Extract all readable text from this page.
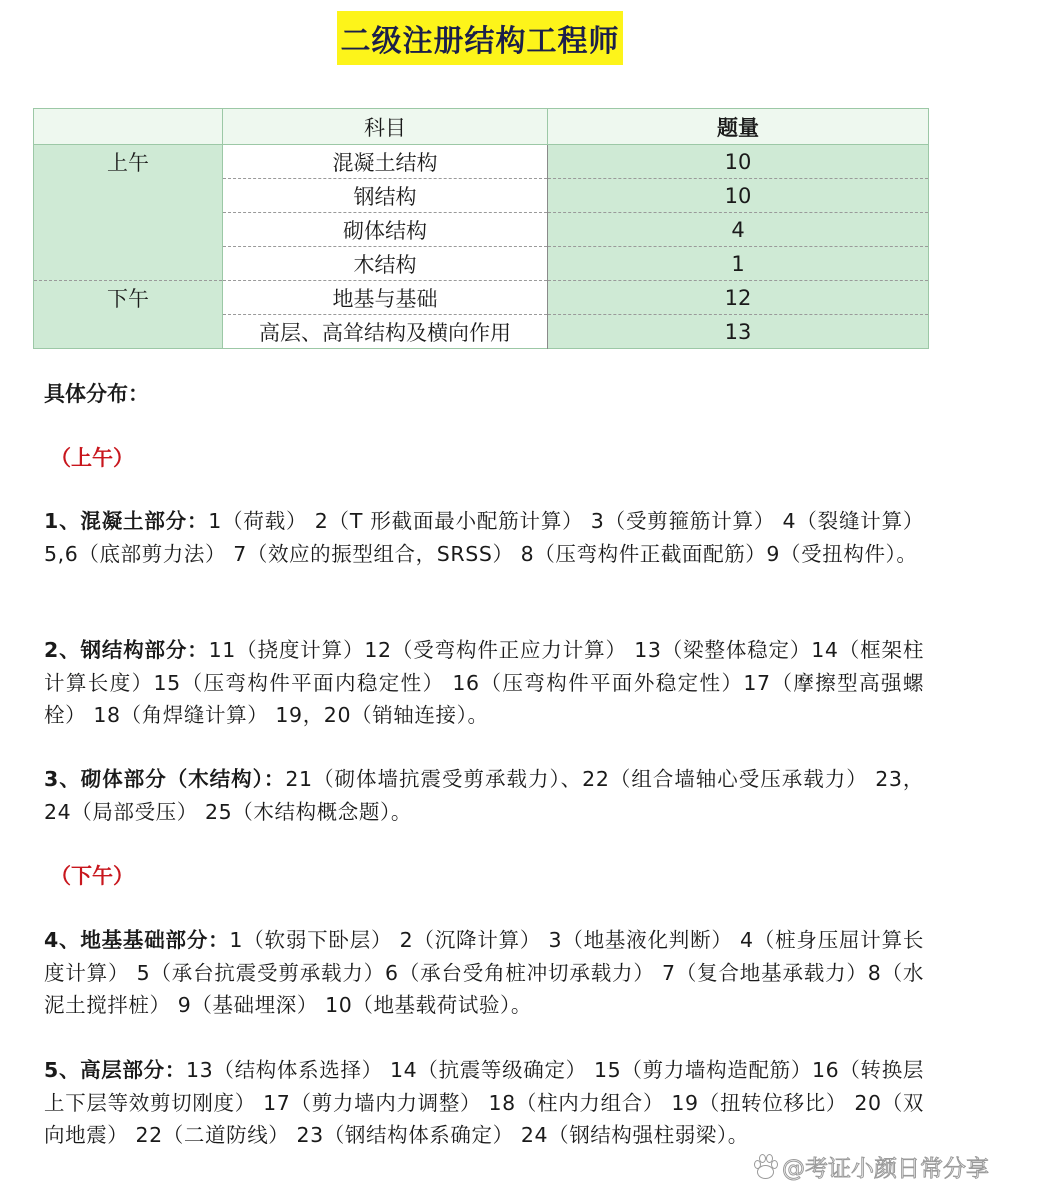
二级注册结构工程师
	科目	题量
上午	混凝土结构	10
	钢结构	10
	砌体结构	4
	木结构	1
下午	地基与基础	12
	高层、高耸结构及横向作用	13
具体分布：
（上午）
1、混凝土部分：1（荷载） 2（T 形截面最小配筋计算） 3（受剪箍筋计算） 4（裂缝计算） 5,6（底部剪力法） 7（效应的振型组合，SRSS） 8（压弯构件正截面配筋）9（受扭构件）。
2、钢结构部分：11（挠度计算）12（受弯构件正应力计算） 13（梁整体稳定）14（框架柱计算长度）15（压弯构件平面内稳定性） 16（压弯构件平面外稳定性）17（摩擦型高强螺栓） 18（角焊缝计算） 19，20（销轴连接）。
3、砌体部分（木结构）：21（砌体墙抗震受剪承载力）、22（组合墙轴心受压承载力） 23，24（局部受压） 25（木结构概念题）。
（下午）
4、地基基础部分：1（软弱下卧层） 2（沉降计算） 3（地基液化判断） 4（桩身压屈计算长度计算） 5（承台抗震受剪承载力）6（承台受角桩冲切承载力） 7（复合地基承载力）8（水泥土搅拌桩） 9（基础埋深） 10（地基载荷试验）。
5、高层部分：13（结构体系选择） 14（抗震等级确定） 15（剪力墙构造配筋）16（转换层上下层等效剪切刚度） 17（剪力墙内力调整） 18（柱内力组合） 19（扭转位移比） 20（双向地震） 22（二道防线） 23（钢结构体系确定） 24（钢结构强柱弱梁）。
@考证小颜日常分享
